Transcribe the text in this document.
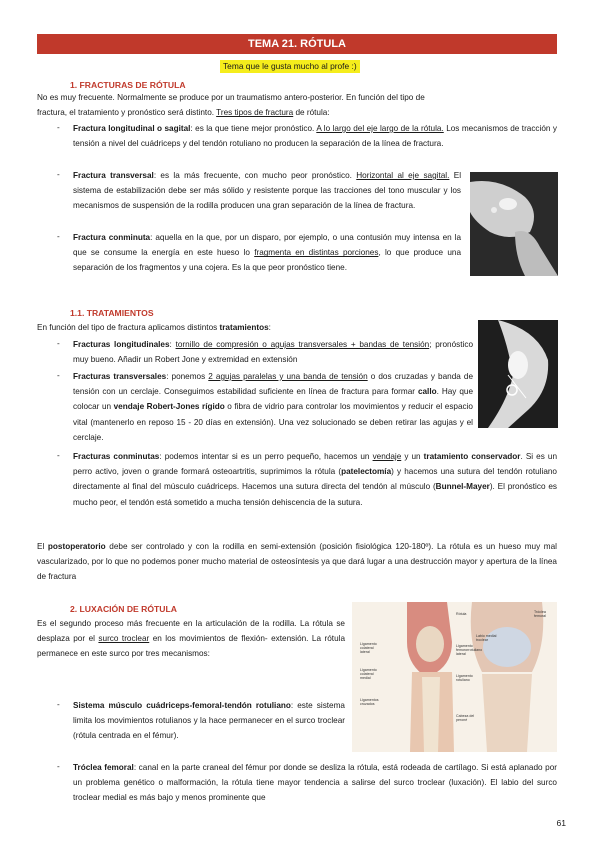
TEMA 21. RÓTULA
Tema que le gusta mucho al profe :)
1. FRACTURAS DE RÓTULA
No es muy frecuente. Normalmente se produce por un traumatismo antero-posterior. En función del tipo de
fractura, el tratamiento y pronóstico será distinto. Tres tipos de fractura de rótula:
- Fractura longitudinal o sagital: es la que tiene mejor pronóstico. A lo largo del eje largo de la rótula. Los mecanismos de tracción y tensión a nivel del cuádriceps y del tendón rotuliano no producen la separación de la línea de fractura.
- Fractura transversal: es la más frecuente, con mucho peor pronóstico. Horizontal al eje sagital. El sistema de estabilización debe ser más sólido y resistente porque las tracciones del tono muscular y los mecanismos de suspensión de la rodilla producen una gran separación de la línea de fractura.
- Fractura conminuta: aquella en la que, por un disparo, por ejemplo, o una contusión muy intensa en la que se consume la energía en este hueso lo fragmenta en distintas porciones, lo que produce una separación de los fragmentos y una cojera. Es la que peor pronóstico tiene.
1.1. TRATAMIENTOS
En función del tipo de fractura aplicamos distintos tratamientos:
- Fracturas longitudinales: tornillo de compresión o agujas transversales + bandas de tensión; pronóstico muy bueno. Añadir un Robert Jone y extremidad en extensión
- Fracturas transversales: ponemos 2 agujas paralelas y una banda de tensión o dos cruzadas y banda de tensión con un cerclaje. Conseguimos estabilidad suficiente en línea de fractura para formar callo. Hay que colocar un vendaje Robert-Jones rígido o fibra de vidrio para controlar los movimientos y reducir el espacio vital (mantenerlo en reposo 15 - 20 días en extensión). Una vez solucionado se deben retirar las agujas y el cerclaje.
- Fracturas conminutas: podemos intentar si es un perro pequeño, hacemos un vendaje y un tratamiento conservador. Si es un perro activo, joven o grande formará osteoartritis, suprimimos la rótula (patelectomía) y hacemos una sutura del tendón rotuliano directamente al final del músculo cuádriceps. Hacemos una sutura directa del tendón al músculo (Bunnel-Mayer). El pronóstico es mucho peor, el tendón está sometido a mucha tensión dehiscencia de la sutura.
El postoperatorio debe ser controlado y con la rodilla en semi-extensión (posición fisiológica 120-180º). La rótula es un hueso muy mal vascularizado, por lo que no podemos poner mucho material de osteosíntesis ya que dará lugar a una destrucción mayor y apertura de la línea de fractura
2. LUXACIÓN DE RÓTULA
Es el segundo proceso más frecuente en la articulación de la rodilla. La rótula se desplaza por el surco troclear en los movimientos de flexión- extensión. La rótula permanece en este surco por tres mecanismos:
- Sistema músculo cuádriceps-femoral-tendón rotuliano: este sistema limita los movimientos rotulianos y la hace permanecer en el surco troclear (rótula centrada en el fémur).
- Tróclea femoral: canal en la parte craneal del fémur por donde se desliza la rótula, está rodeada de cartílago. Si está aplanado por un problema genético o malformación, la rótula tiene mayor tendencia a salirse del surco troclear (luxación). El labio del surco troclear medial es más bajo y menos prominente que
Rótula	Tróclea femoral
Labio medial troclear
Ligamento femororrotuliano lateral
Ligamento rotuliano
Ligamento colateral lateral
Ligamento colateral medial
Ligamentos cruzados
Cabeza del peroné
61
